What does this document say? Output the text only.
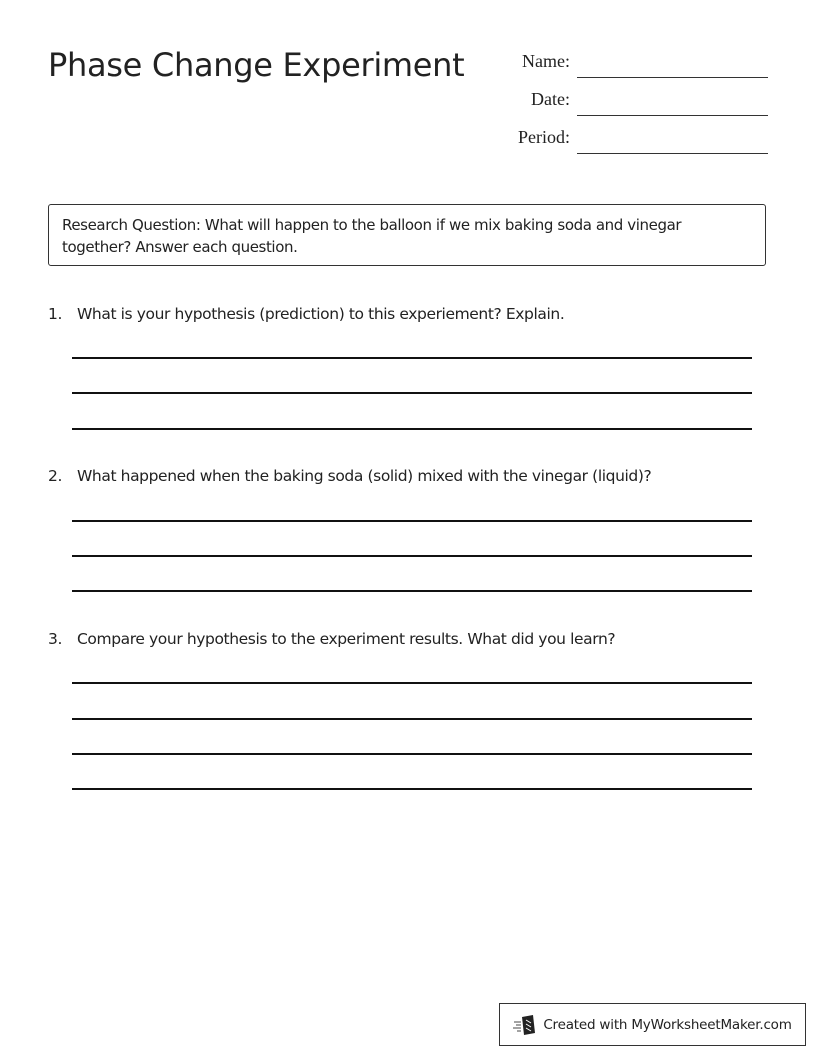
Phase Change Experiment	Name:
Date:
Period:
Research Question: What will happen to the balloon if we mix baking soda and vinegar together? Answer each question.
1. What is your hypothesis (prediction) to this experiement? Explain.
2. What happened when the baking soda (solid) mixed with the vinegar (liquid)?
3. Compare your hypothesis to the experiment results. What did you learn?
Created with MyWorksheetMaker.com
